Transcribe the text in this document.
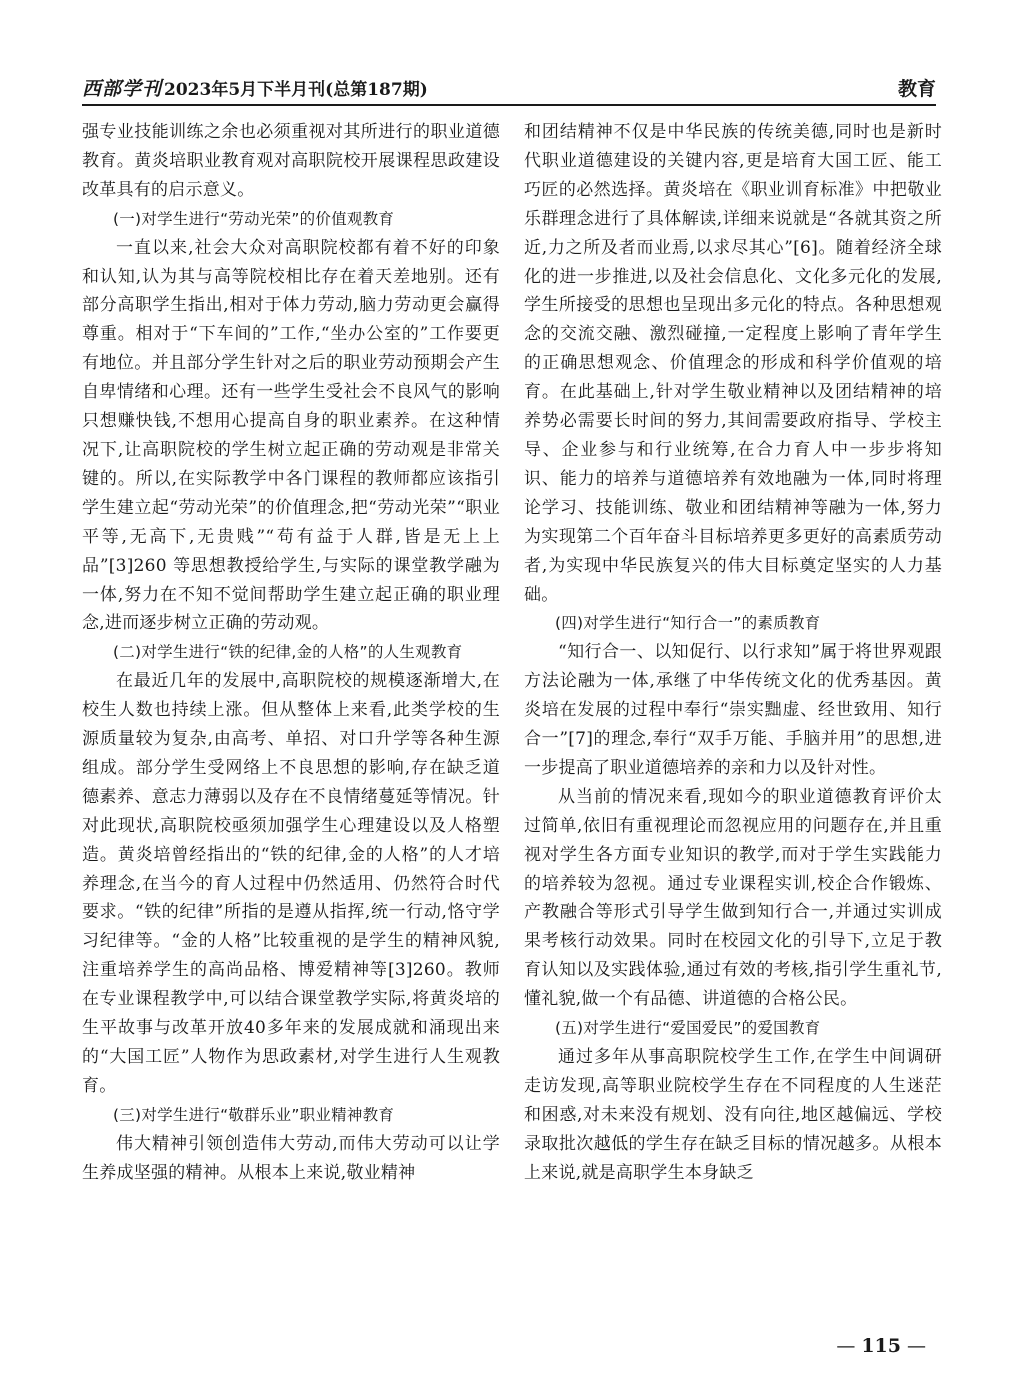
西部学刊 2023年5月下半月刊(总第187期)	教育

强专业技能训练之余也必须重视对其所进行的职业道德教育。黄炎培职业教育观对高职院校开展课程思政建设改革具有的启示意义。

(一)对学生进行“劳动光荣”的价值观教育

一直以来,社会大众对高职院校都有着不好的印象和认知,认为其与高等院校相比存在着天差地别。还有部分高职学生指出,相对于体力劳动,脑力劳动更会赢得尊重。相对于“下车间的”工作,“坐办公室的”工作要更有地位。并且部分学生针对之后的职业劳动预期会产生自卑情绪和心理。还有一些学生受社会不良风气的影响只想赚快钱,不想用心提高自身的职业素养。在这种情况下,让高职院校的学生树立起正确的劳动观是非常关键的。所以,在实际教学中各门课程的教师都应该指引学生建立起“劳动光荣”的价值理念,把“劳动光荣”“职业平等,无高下,无贵贱”“苟有益于人群,皆是无上上品”[3]260 等思想教授给学生,与实际的课堂教学融为一体,努力在不知不觉间帮助学生建立起正确的职业理念,进而逐步树立正确的劳动观。

(二)对学生进行“铁的纪律,金的人格”的人生观教育

在最近几年的发展中,高职院校的规模逐渐增大,在校生人数也持续上涨。但从整体上来看,此类学校的生源质量较为复杂,由高考、单招、对口升学等各种生源组成。部分学生受网络上不良思想的影响,存在缺乏道德素养、意志力薄弱以及存在不良情绪蔓延等情况。针对此现状,高职院校亟须加强学生心理建设以及人格塑造。黄炎培曾经指出的“铁的纪律,金的人格”的人才培养理念,在当今的育人过程中仍然适用、仍然符合时代要求。“铁的纪律”所指的是遵从指挥,统一行动,恪守学习纪律等。“金的人格”比较重视的是学生的精神风貌,注重培养学生的高尚品格、博爱精神等[3]260。教师在专业课程教学中,可以结合课堂教学实际,将黄炎培的生平故事与改革开放40多年来的发展成就和涌现出来的“大国工匠”人物作为思政素材,对学生进行人生观教育。

(三)对学生进行“敬群乐业”职业精神教育

伟大精神引领创造伟大劳动,而伟大劳动可以让学生养成坚强的精神。从根本上来说,敬业精神

和团结精神不仅是中华民族的传统美德,同时也是新时代职业道德建设的关键内容,更是培育大国工匠、能工巧匠的必然选择。黄炎培在《职业训育标准》中把敬业乐群理念进行了具体解读,详细来说就是“各就其资之所近,力之所及者而业焉,以求尽其心”[6]。随着经济全球化的进一步推进,以及社会信息化、文化多元化的发展,学生所接受的思想也呈现出多元化的特点。各种思想观念的交流交融、激烈碰撞,一定程度上影响了青年学生的正确思想观念、价值理念的形成和科学价值观的培育。在此基础上,针对学生敬业精神以及团结精神的培养势必需要长时间的努力,其间需要政府指导、学校主导、企业参与和行业统筹,在合力育人中一步步将知识、能力的培养与道德培养有效地融为一体,同时将理论学习、技能训练、敬业和团结精神等融为一体,努力为实现第二个百年奋斗目标培养更多更好的高素质劳动者,为实现中华民族复兴的伟大目标奠定坚实的人力基础。

(四)对学生进行“知行合一”的素质教育

“知行合一、以知促行、以行求知”属于将世界观跟方法论融为一体,承继了中华传统文化的优秀基因。黄炎培在发展的过程中奉行“崇实黜虚、经世致用、知行合一”[7]的理念,奉行“双手万能、手脑并用”的思想,进一步提高了职业道德培养的亲和力以及针对性。

从当前的情况来看,现如今的职业道德教育评价太过简单,依旧有重视理论而忽视应用的问题存在,并且重视对学生各方面专业知识的教学,而对于学生实践能力的培养较为忽视。通过专业课程实训,校企合作锻炼、产教融合等形式引导学生做到知行合一,并通过实训成果考核行动效果。同时在校园文化的引导下,立足于教育认知以及实践体验,通过有效的考核,指引学生重礼节,懂礼貌,做一个有品德、讲道德的合格公民。

(五)对学生进行“爱国爱民”的爱国教育

通过多年从事高职院校学生工作,在学生中间调研走访发现,高等职业院校学生存在不同程度的人生迷茫和困惑,对未来没有规划、没有向往,地区越偏远、学校录取批次越低的学生存在缺乏目标的情况越多。从根本上来说,就是高职学生本身缺乏

— 115 —
